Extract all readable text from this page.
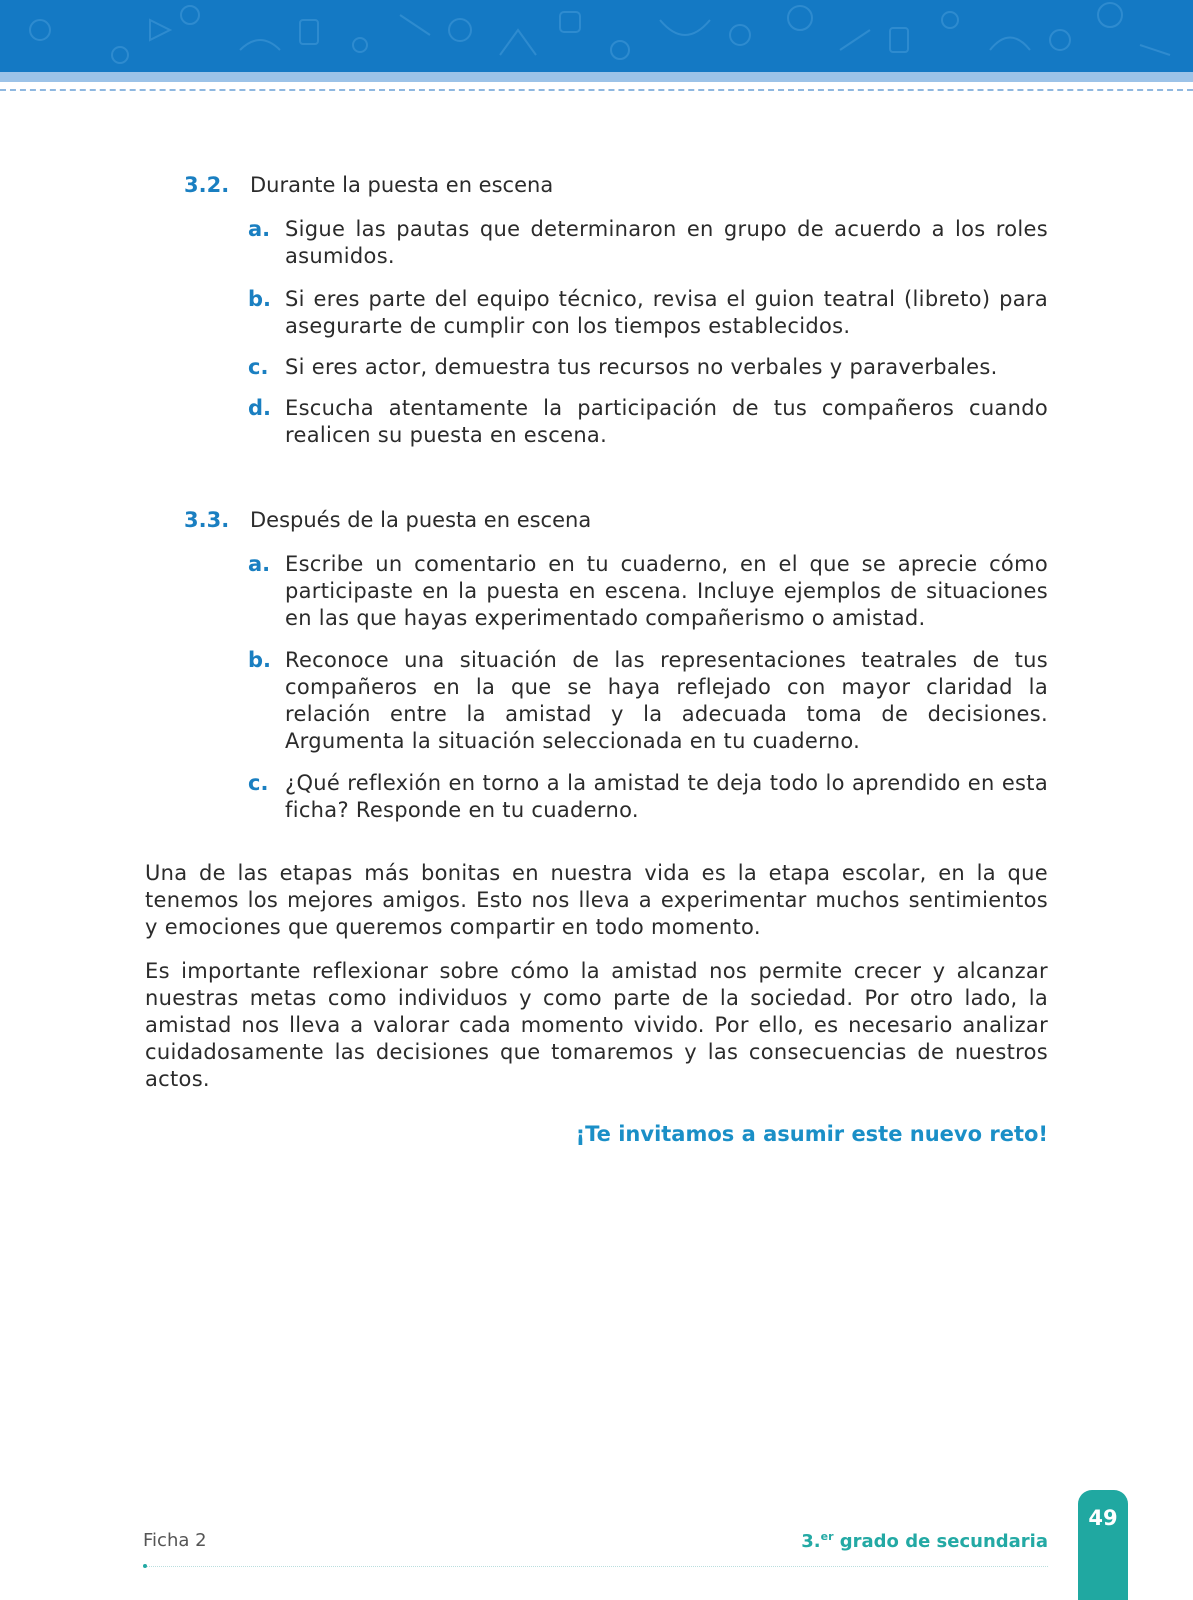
3.2. Durante la puesta en escena
a. Sigue las pautas que determinaron en grupo de acuerdo a los roles asumidos.
b. Si eres parte del equipo técnico, revisa el guion teatral (libreto) para asegurarte de cumplir con los tiempos establecidos.
c. Si eres actor, demuestra tus recursos no verbales y paraverbales.
d. Escucha atentamente la participación de tus compañeros cuando realicen su puesta en escena.
3.3. Después de la puesta en escena
a. Escribe un comentario en tu cuaderno, en el que se aprecie cómo participaste en la puesta en escena. Incluye ejemplos de situaciones en las que hayas experimentado compañerismo o amistad.
b. Reconoce una situación de las representaciones teatrales de tus compañeros en la que se haya reflejado con mayor claridad la relación entre la amistad y la adecuada toma de decisiones. Argumenta la situación seleccionada en tu cuaderno.
c. ¿Qué reflexión en torno a la amistad te deja todo lo aprendido en esta ficha? Responde en tu cuaderno.
Una de las etapas más bonitas en nuestra vida es la etapa escolar, en la que tenemos los mejores amigos. Esto nos lleva a experimentar muchos sentimientos y emociones que queremos compartir en todo momento.
Es importante reflexionar sobre cómo la amistad nos permite crecer y alcanzar nuestras metas como individuos y como parte de la sociedad. Por otro lado, la amistad nos lleva a valorar cada momento vivido. Por ello, es necesario analizar cuidadosamente las decisiones que tomaremos y las consecuencias de nuestros actos.
¡Te invitamos a asumir este nuevo reto!
Ficha 2	3.$^{er}$ grado de secundaria
49
